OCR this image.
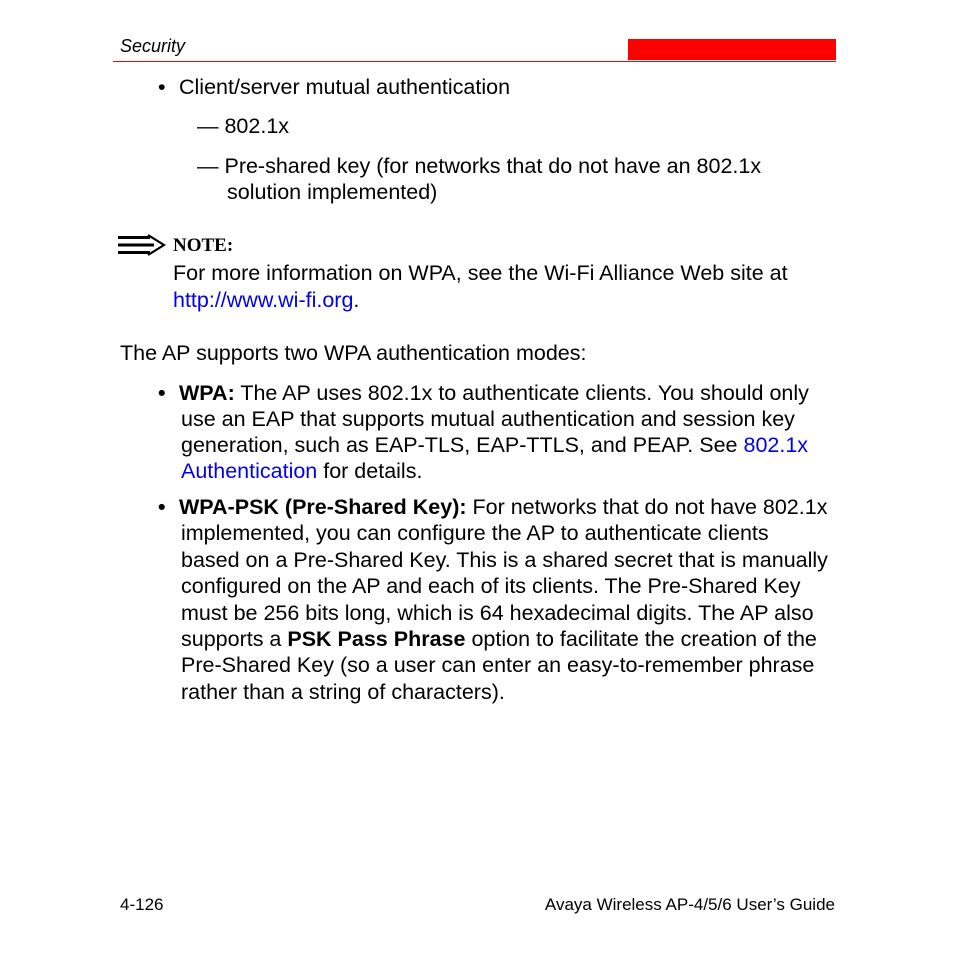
Security
• Client/server mutual authentication
— 802.1x
— Pre-shared key (for networks that do not have an 802.1x
solution implemented)
NOTE:
For more information on WPA, see the Wi-Fi Alliance Web site at
http://www.wi-fi.org.
The AP supports two WPA authentication modes:
• WPA: The AP uses 802.1x to authenticate clients. You should only
use an EAP that supports mutual authentication and session key
generation, such as EAP-TLS, EAP-TTLS, and PEAP. See 802.1x
Authentication for details.
• WPA-PSK (Pre-Shared Key): For networks that do not have 802.1x
implemented, you can configure the AP to authenticate clients
based on a Pre-Shared Key. This is a shared secret that is manually
configured on the AP and each of its clients. The Pre-Shared Key
must be 256 bits long, which is 64 hexadecimal digits. The AP also
supports a PSK Pass Phrase option to facilitate the creation of the
Pre-Shared Key (so a user can enter an easy-to-remember phrase
rather than a string of characters).
4-126	Avaya Wireless AP-4/5/6 User’s Guide
